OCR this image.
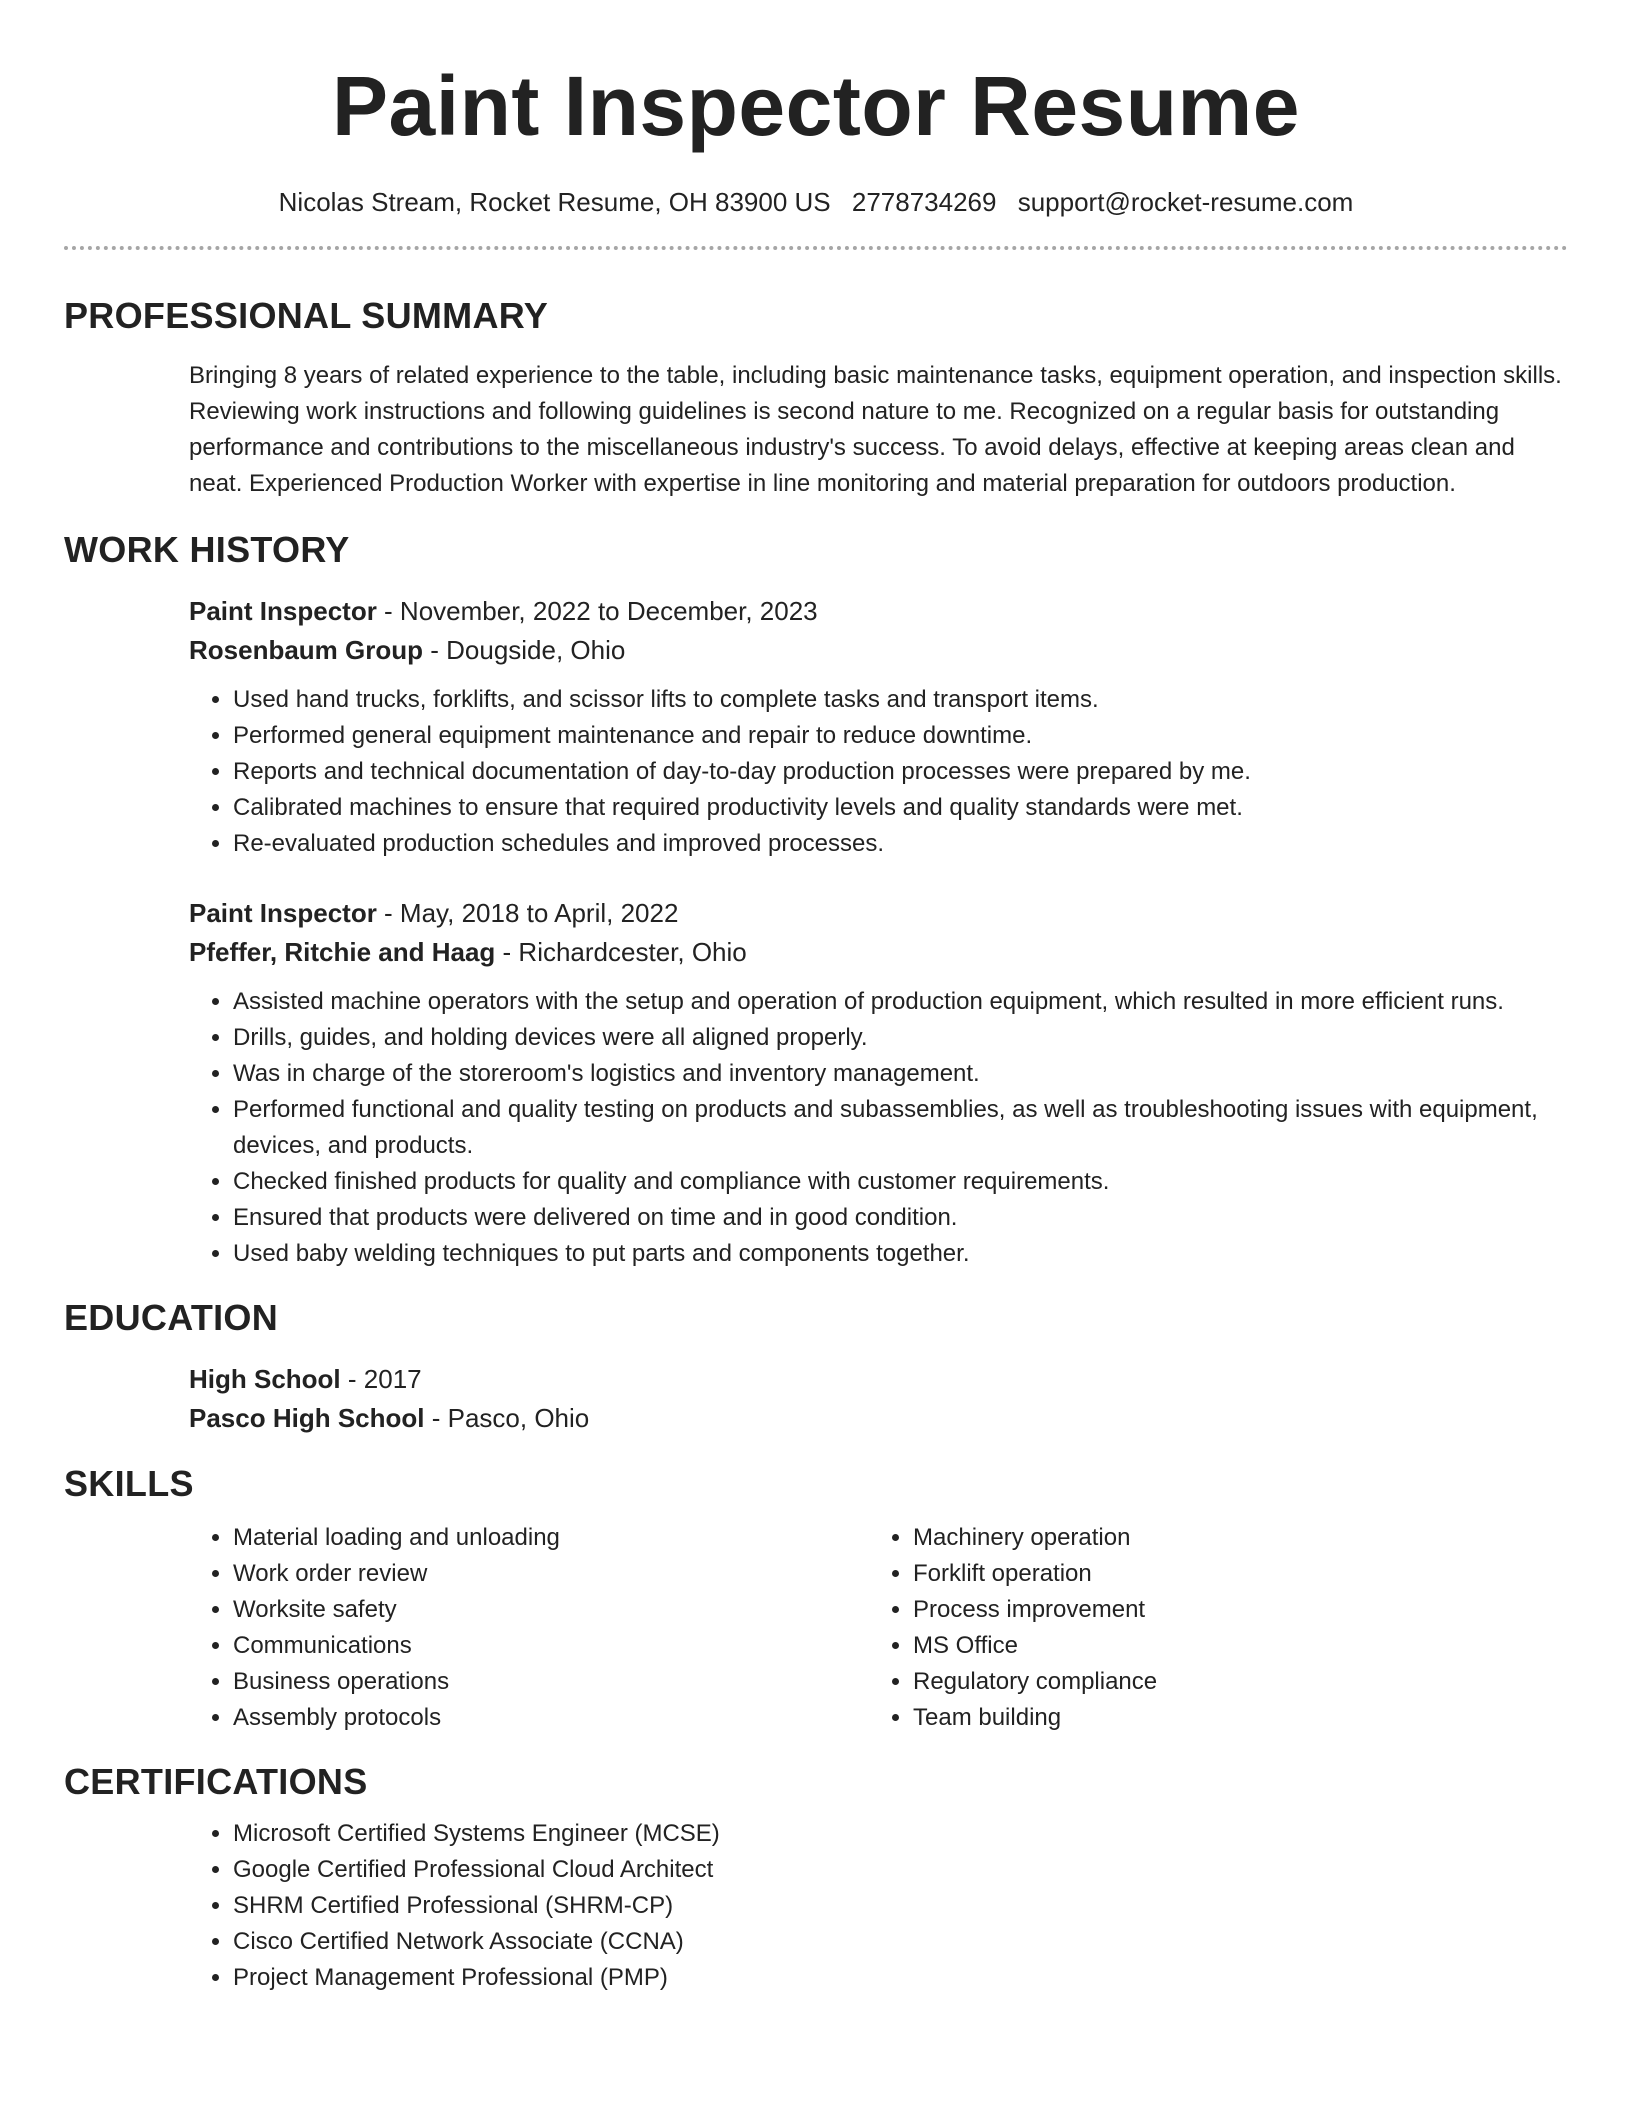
Paint Inspector Resume
Nicolas Stream, Rocket Resume, OH 83900 US 2778734269 support@rocket-resume.com
PROFESSIONAL SUMMARY
Bringing 8 years of related experience to the table, including basic maintenance tasks, equipment operation, and inspection skills. Reviewing work instructions and following guidelines is second nature to me. Recognized on a regular basis for outstanding performance and contributions to the miscellaneous industry's success. To avoid delays, effective at keeping areas clean and neat. Experienced Production Worker with expertise in line monitoring and material preparation for outdoors production.
WORK HISTORY
Paint Inspector - November, 2022 to December, 2023
Rosenbaum Group - Dougside, Ohio
• Used hand trucks, forklifts, and scissor lifts to complete tasks and transport items.
• Performed general equipment maintenance and repair to reduce downtime.
• Reports and technical documentation of day-to-day production processes were prepared by me.
• Calibrated machines to ensure that required productivity levels and quality standards were met.
• Re-evaluated production schedules and improved processes.
Paint Inspector - May, 2018 to April, 2022
Pfeffer, Ritchie and Haag - Richardcester, Ohio
• Assisted machine operators with the setup and operation of production equipment, which resulted in more efficient runs.
• Drills, guides, and holding devices were all aligned properly.
• Was in charge of the storeroom's logistics and inventory management.
• Performed functional and quality testing on products and subassemblies, as well as troubleshooting issues with equipment, devices, and products.
• Checked finished products for quality and compliance with customer requirements.
• Ensured that products were delivered on time and in good condition.
• Used baby welding techniques to put parts and components together.
EDUCATION
High School - 2017
Pasco High School - Pasco, Ohio
SKILLS
• Material loading and unloading
• Work order review
• Worksite safety
• Communications
• Business operations
• Assembly protocols
• Machinery operation
• Forklift operation
• Process improvement
• MS Office
• Regulatory compliance
• Team building
CERTIFICATIONS
• Microsoft Certified Systems Engineer (MCSE)
• Google Certified Professional Cloud Architect
• SHRM Certified Professional (SHRM-CP)
• Cisco Certified Network Associate (CCNA)
• Project Management Professional (PMP)
